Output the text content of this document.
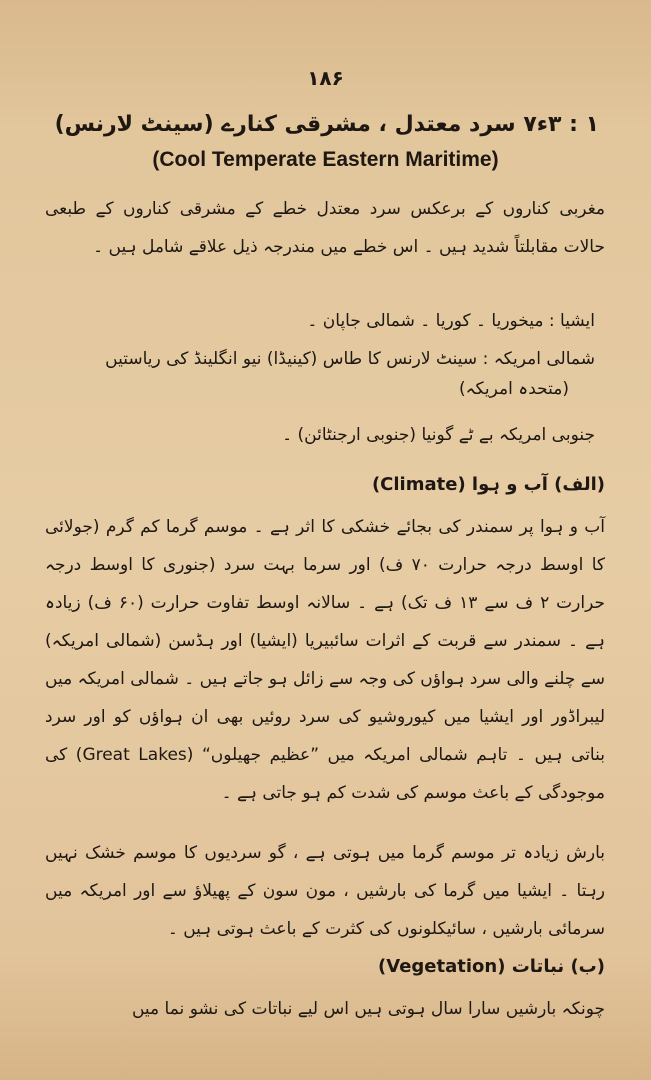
۱۸۶
۱ : ۳ء۷ سرد معتدل ، مشرقی کنارے (سینٹ لارنس)
(Cool Temperate Eastern Maritime)

مغربی کناروں کے برعکس سرد معتدل خطے کے مشرقی کناروں کے طبعی حالات مقابلتاً شدید ہیں ۔ اس خطے میں مندرجہ ذیل علاقے شامل ہیں ۔

ایشیا : میخوریا ۔ کوریا ۔ شمالی جاپان ۔
شمالی امریکہ : سینٹ لارنس کا طاس (کینیڈا) نیو انگلینڈ کی ریاستیں
(متحدہ امریکہ)
جنوبی امریکہ بے ٹے گونیا (جنوبی ارجنٹائن) ۔
(الف) آب و ہوا (Climate)

آب و ہوا پر سمندر کی بجائے خشکی کا اثر ہے ۔ موسم گرما کم گرم (جولائی کا اوسط درجہ حرارت ۷۰ ف) اور سرما بہت سرد (جنوری کا اوسط درجہ حرارت ۲ ف سے ۱۳ ف تک) ہے ۔ سالانہ اوسط تفاوت حرارت (۶۰ ف) زیادہ ہے ۔ سمندر سے قربت کے اثرات سائبیریا (ایشیا) اور ہڈسن (شمالی امریکہ) سے چلنے والی سرد ہواؤں کی وجہ سے زائل ہو جاتے ہیں ۔ شمالی امریکہ میں لیبراڈور اور ایشیا میں کیوروشیو کی سرد روئیں بھی ان ہواؤں کو اور سرد بناتی ہیں ۔ تاہم شمالی امریکہ میں ”عظیم جھیلوں“ (Great Lakes) کی موجودگی کے باعث موسم کی شدت کم ہو جاتی ہے ۔

بارش زیادہ تر موسم گرما میں ہوتی ہے ، گو سردیوں کا موسم خشک نہیں رہتا ۔ ایشیا میں گرما کی بارشیں ، مون سون کے پھیلاؤ سے اور امریکہ میں سرمائی بارشیں ، سائیکلونوں کی کثرت کے باعث ہوتی ہیں ۔

(ب) نباتات (Vegetation)

چونکہ بارشیں سارا سال ہوتی ہیں اس لیے نباتات کی نشو نما میں
